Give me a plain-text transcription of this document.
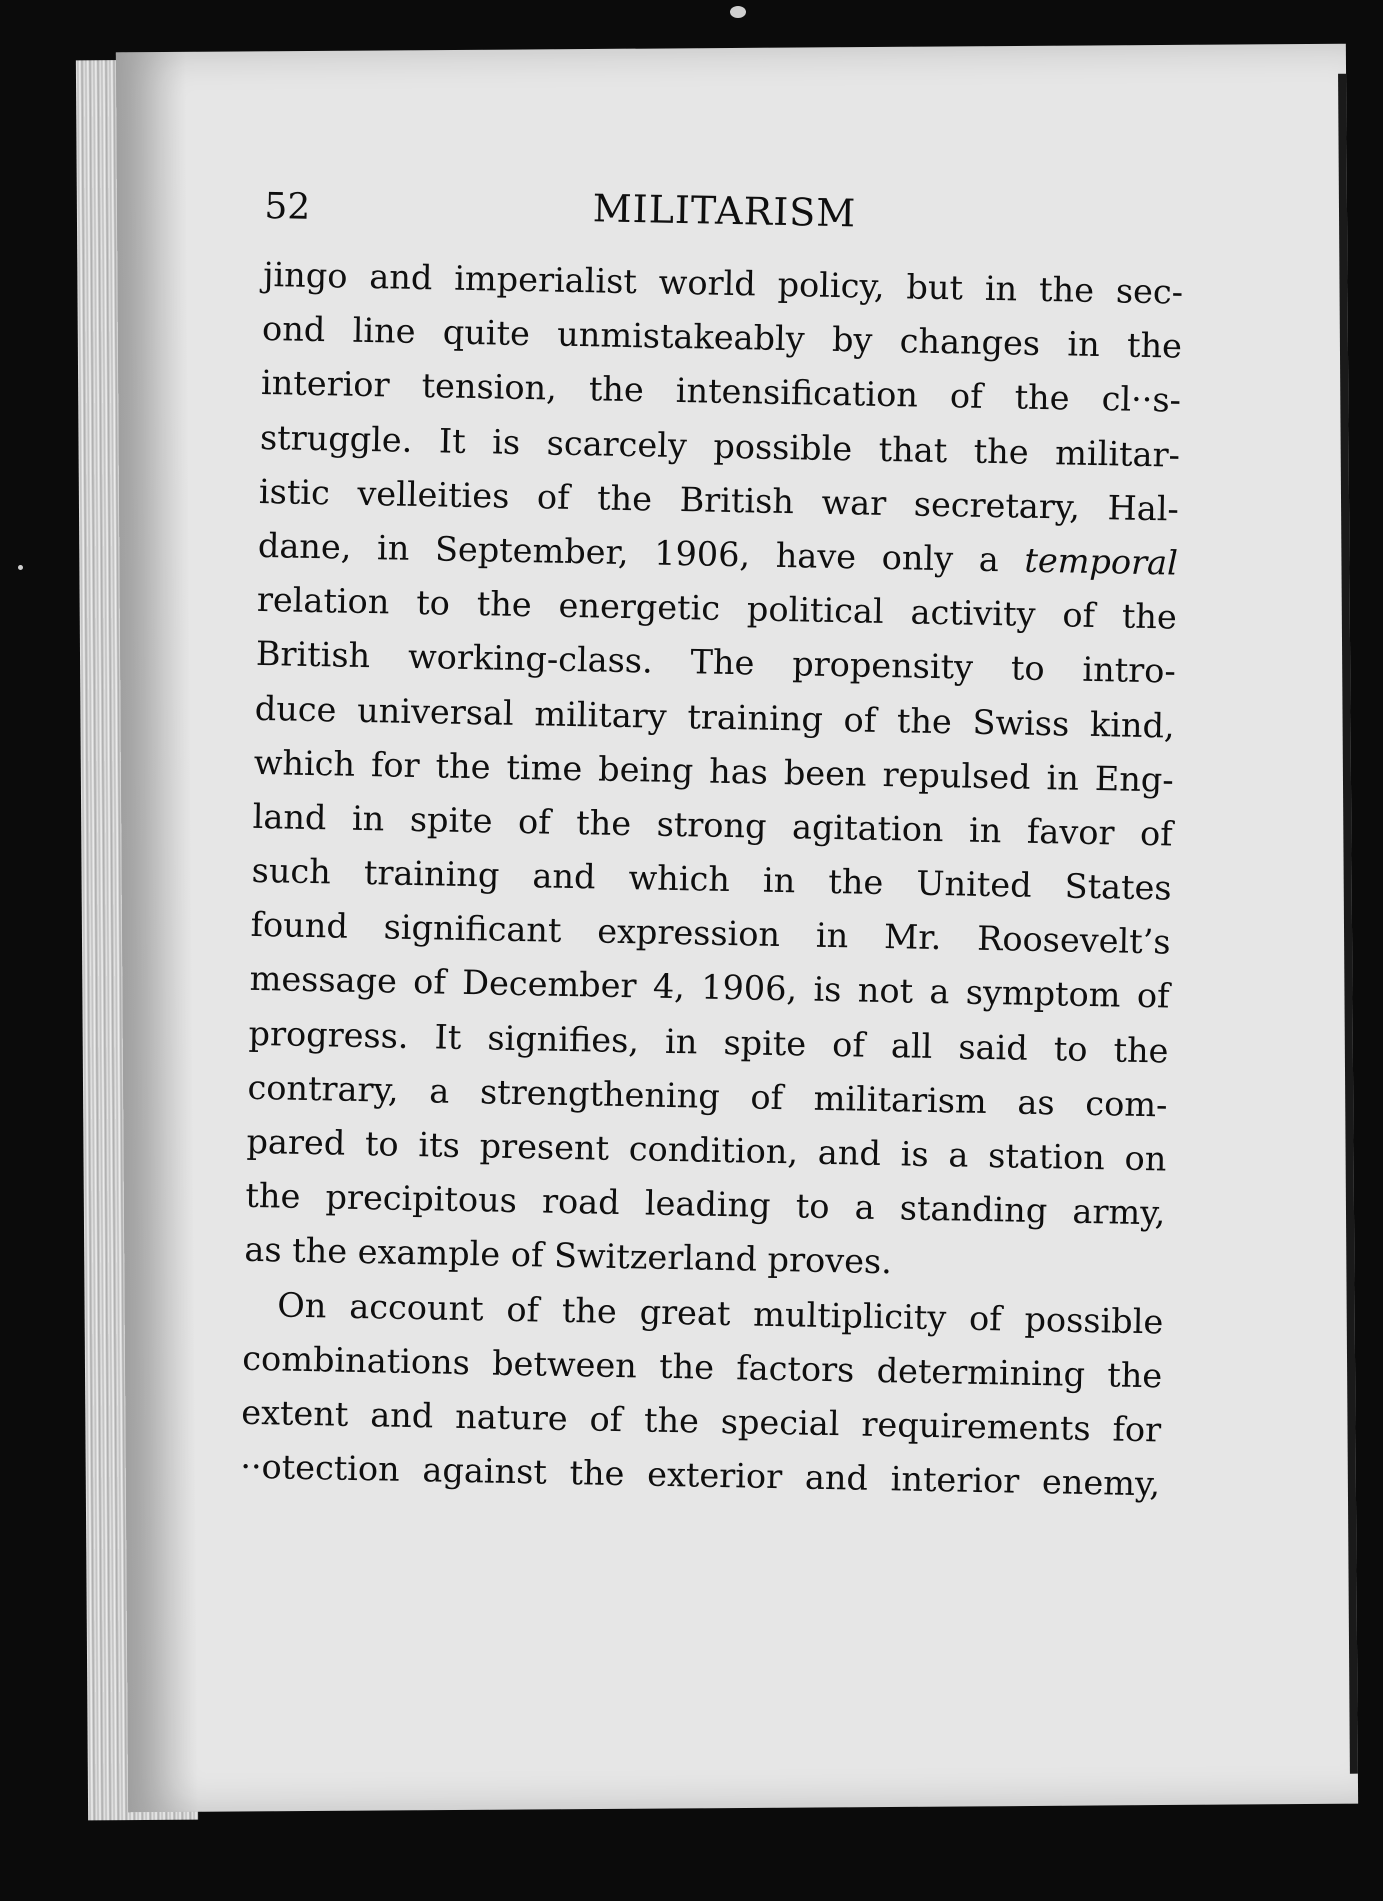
52	MILITARISM
jingo and imperialist world policy, but in the sec-
ond line quite unmistakeably by changes in the
interior tension, the intensification of the cl··s-
struggle. It is scarcely possible that the militar-
istic velleities of the British war secretary, Hal-
dane, in September, 1906, have only a temporal
relation to the energetic political activity of the
British working-class. The propensity to intro-
duce universal military training of the Swiss kind,
which for the time being has been repulsed in Eng-
land in spite of the strong agitation in favor of
such training and which in the United States
found significant expression in Mr. Roosevelt’s
message of December 4, 1906, is not a symptom of
progress. It signifies, in spite of all said to the
contrary, a strengthening of militarism as com-
pared to its present condition, and is a station on
the precipitous road leading to a standing army,
as the example of Switzerland proves.
On account of the great multiplicity of possible
combinations between the factors determining the
extent and nature of the special requirements for
··otection against the exterior and interior enemy,
